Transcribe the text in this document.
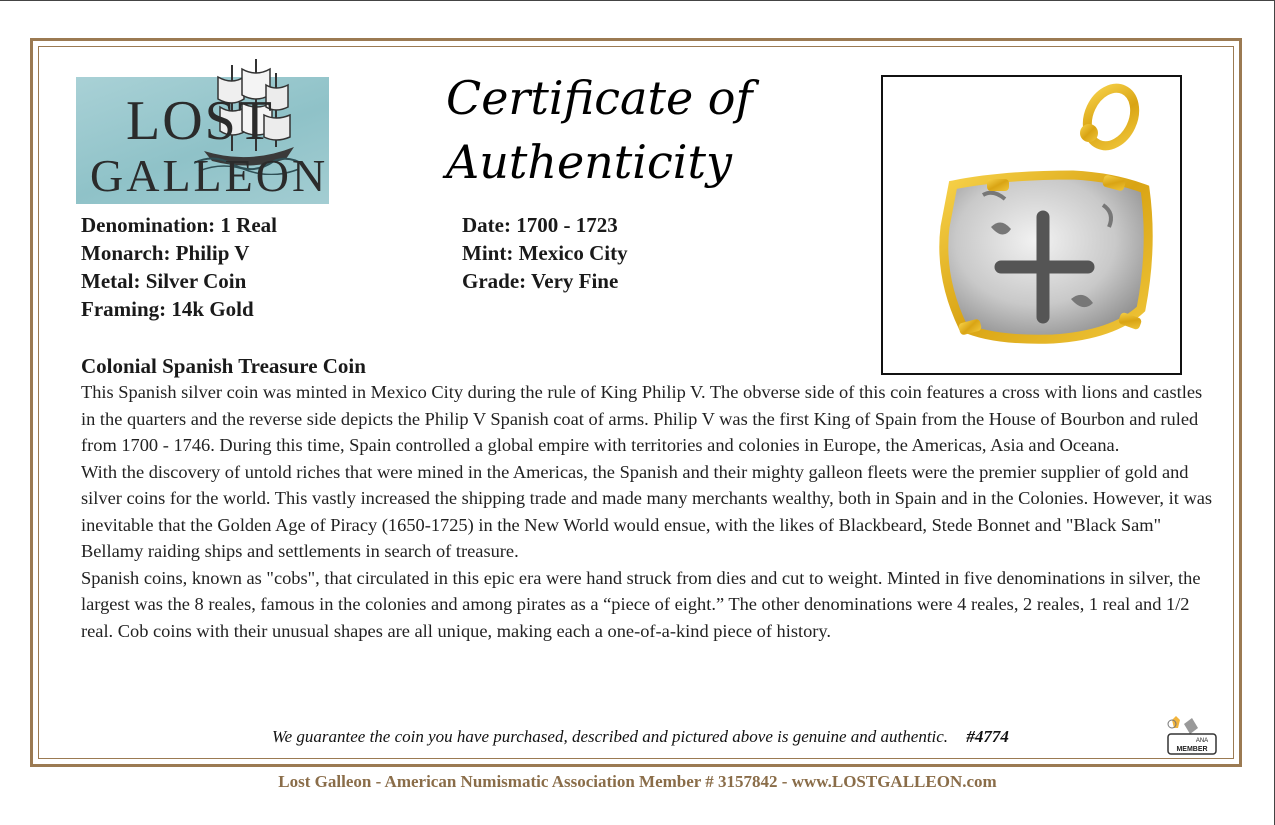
LOST
GALLEON
Certificate of
Authenticity
Denomination: 1 Real
Monarch: Philip V
Metal: Silver Coin
Framing: 14k Gold
Date: 1700 - 1723
Mint: Mexico City
Grade: Very Fine
Colonial Spanish Treasure Coin

This Spanish silver coin was minted in Mexico City during the rule of King Philip V. The obverse side of this coin features a cross with lions and castles in the quarters and the reverse side depicts the Philip V Spanish coat of arms. Philip V was the first King of Spain from the House of Bourbon and ruled from 1700 - 1746. During this time, Spain controlled a global empire with territories and colonies in Europe, the Americas, Asia and Oceana.

With the discovery of untold riches that were mined in the Americas, the Spanish and their mighty galleon fleets were the premier supplier of gold and silver coins for the world. This vastly increased the shipping trade and made many merchants wealthy, both in Spain and in the Colonies. However, it was inevitable that the Golden Age of Piracy (1650-1725) in the New World would ensue, with the likes of Blackbeard, Stede Bonnet and "Black Sam" Bellamy raiding ships and settlements in search of treasure.

Spanish coins, known as "cobs", that circulated in this epic era were hand struck from dies and cut to weight. Minted in five denominations in silver, the largest was the 8 reales, famous in the colonies and among pirates as a “piece of eight.” The other denominations were 4 reales, 2 reales, 1 real and 1/2 real. Cob coins with their unusual shapes are all unique, making each a one-of-a-kind piece of history.

We guarantee the coin you have purchased, described and pictured above is genuine and authentic. #4774	ANA
MEMBER
Lost Galleon - American Numismatic Association Member # 3157842 - www.LOSTGALLEON.com
